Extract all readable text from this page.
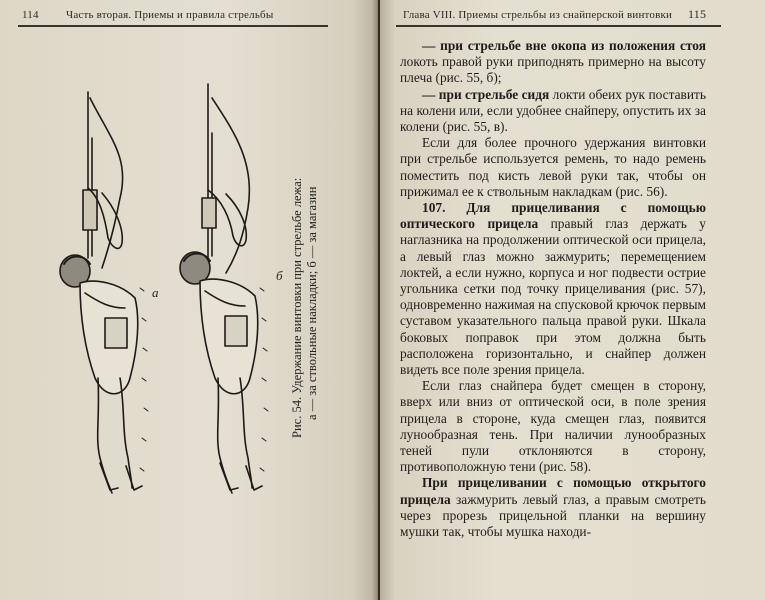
114 Часть вторая. Приемы и правила стрельбы
а
б Рис. 54. Удержание винтовки при стрельбе лежа: а — за ствольные накладки; б — за магазин
Глава VIII. Приемы стрельбы из снайперской винтовки 115

— при стрельбе вне окопа из положения стоя локоть правой руки приподнять примерно на высоту плеча (рис. 55, б);

— при стрельбе сидя локти обеих рук поставить на колени или, если удобнее снайперу, опустить их за колени (рис. 55, в).

Если для более прочного удержания винтовки при стрельбе используется ремень, то надо ремень поместить под кисть левой руки так, чтобы он прижимал ее к ствольным накладкам (рис. 56).

107. Для прицеливания с помощью оптического прицела правый глаз держать у наглазника на продолжении оптической оси прицела, а левый глаз можно зажмурить; перемещением локтей, а если нужно, корпуса и ног подвести острие угольника сетки под точку прицеливания (рис. 57), одновременно нажимая на спусковой крючок первым суставом указательного пальца правой руки. Шкала боковых поправок при этом должна быть расположена горизонтально, и снайпер должен видеть все поле зрения прицела.

Если глаз снайпера будет смещен в сторону, вверх или вниз от оптической оси, в поле зрения прицела в стороне, куда смещен глаз, появится лунообразная тень. При наличии лунообразных теней пули отклоняются в сторону, противоположную тени (рис. 58).

При прицеливании с помощью открытого прицела зажмурить левый глаз, а правым смотреть через прорезь прицельной планки на вершину мушки так, чтобы мушка находи-
